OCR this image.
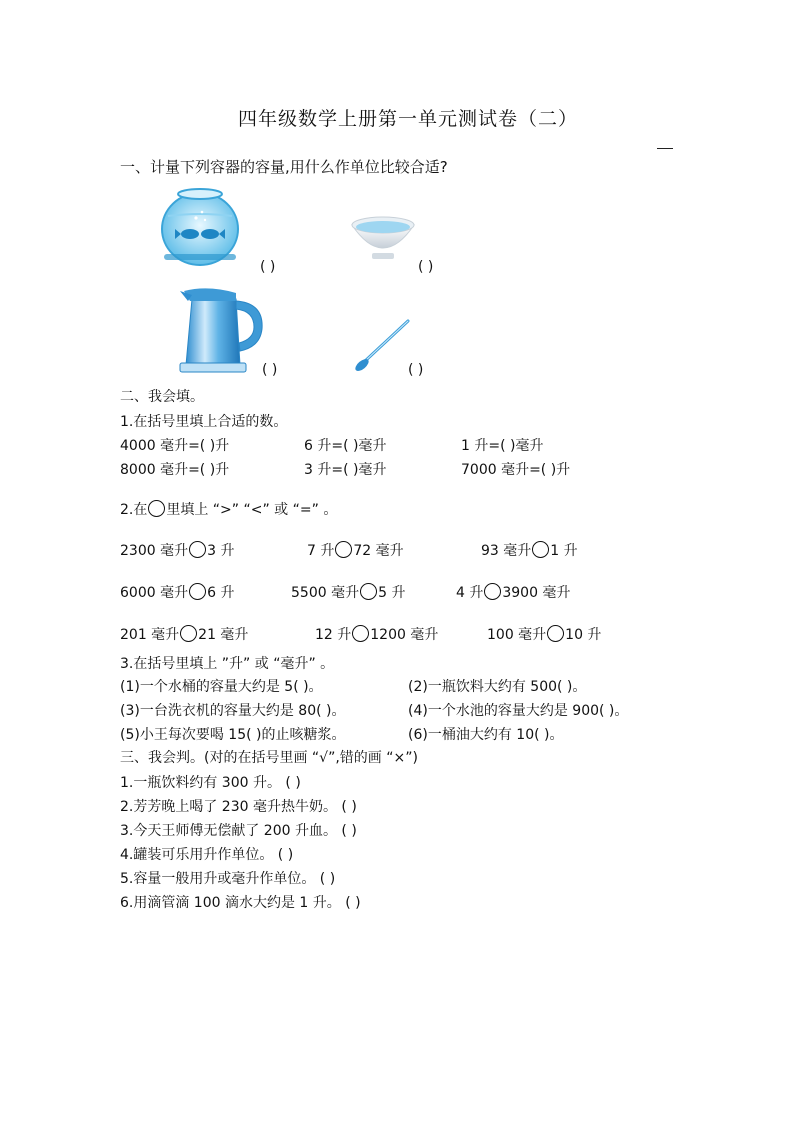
四年级数学上册第一单元测试卷（二）
一、计量下列容器的容量,用什么作单位比较合适?
( )	( )
( )	( )
二、我会填。
1.在括号里填上合适的数。
4000 毫升=( )升	6 升=( )毫升	1 升=( )毫升
8000 毫升=( )升	3 升=( )毫升	7000 毫升=( )升
2.在 里填上 “>” “<” 或 “=” 。
2300 毫升 3 升	7 升 72 毫升	93 毫升 1 升
6000 毫升 6 升	5500 毫升 5 升	4 升 3900 毫升
201 毫升 21 毫升	12 升 1200 毫升	100 毫升 10 升
3.在括号里填上 ”升” 或 “毫升” 。
(1)一个水桶的容量大约是 5( )。	(2)一瓶饮料大约有 500( )。
(3)一台洗衣机的容量大约是 80( )。	(4)一个水池的容量大约是 900( )。
(5)小王每次要喝 15( )的止咳糖浆。	(6)一桶油大约有 10( )。
三、我会判。(对的在括号里画 “√”,错的画 “×”)
1.一瓶饮料约有 300 升。 ( )
2.芳芳晚上喝了 230 毫升热牛奶。 ( )
3.今天王师傅无偿献了 200 升血。 ( )
4.罐装可乐用升作单位。 ( )
5.容量一般用升或毫升作单位。 ( )
6.用滴管滴 100 滴水大约是 1 升。 ( )
